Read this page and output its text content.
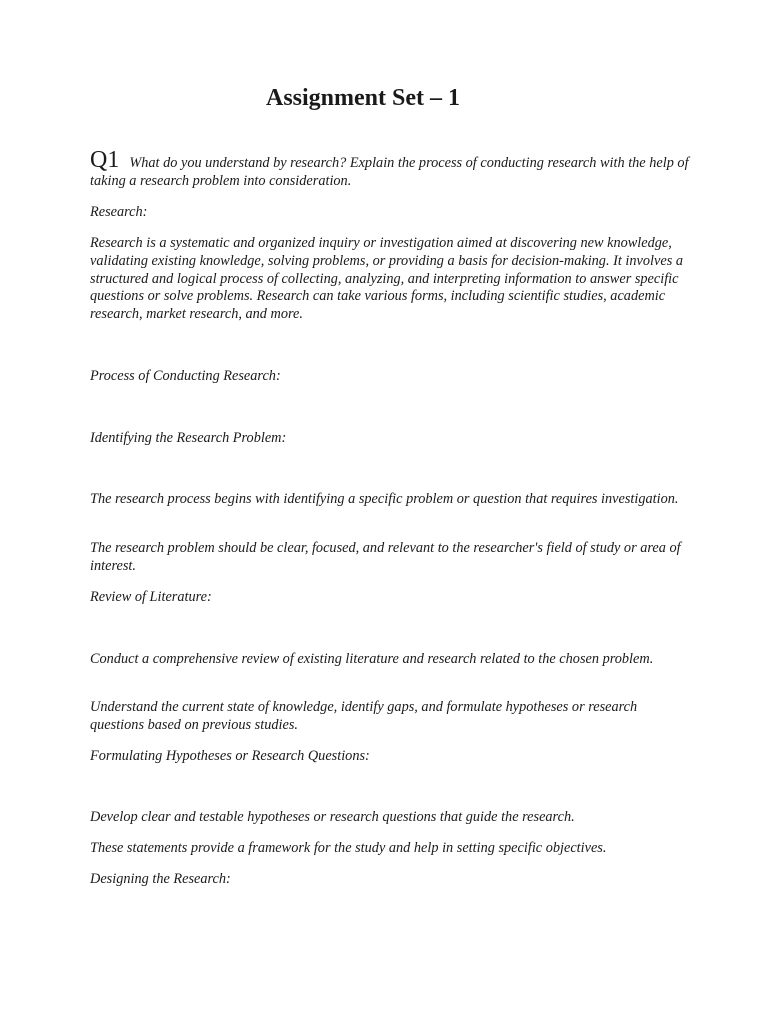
Assignment Set – 1

Q1 What do you understand by research? Explain the process of conducting research with the help of taking a research problem into consideration.

Research:

Research is a systematic and organized inquiry or investigation aimed at discovering new knowledge, validating existing knowledge, solving problems, or providing a basis for decision-making. It involves a structured and logical process of collecting, analyzing, and interpreting information to answer specific questions or solve problems. Research can take various forms, including scientific studies, academic research, market research, and more.

Process of Conducting Research:

Identifying the Research Problem:

The research process begins with identifying a specific problem or question that requires investigation.

The research problem should be clear, focused, and relevant to the researcher's field of study or area of interest.

Review of Literature:

Conduct a comprehensive review of existing literature and research related to the chosen problem.

Understand the current state of knowledge, identify gaps, and formulate hypotheses or research questions based on previous studies.

Formulating Hypotheses or Research Questions:

Develop clear and testable hypotheses or research questions that guide the research.

These statements provide a framework for the study and help in setting specific objectives.

Designing the Research:
